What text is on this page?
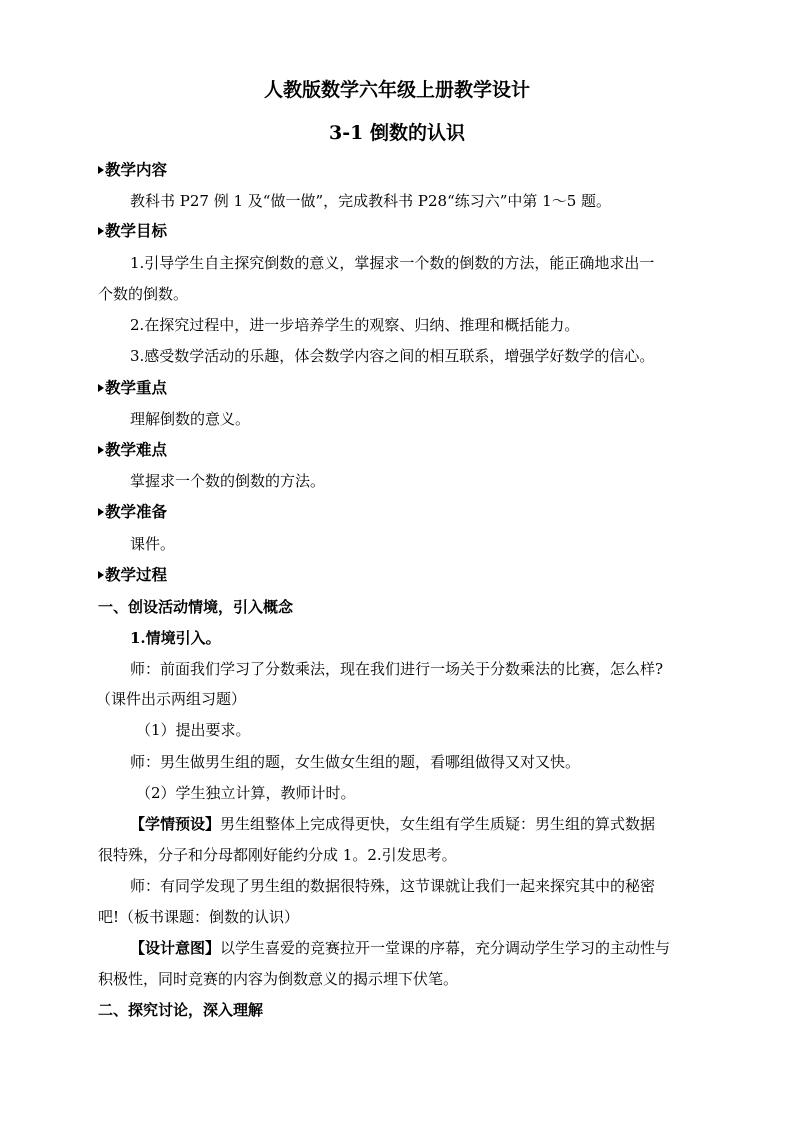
人教版数学六年级上册教学设计
3-1 倒数的认识
教学内容
教科书 P27 例 1 及“做一做”，完成教科书 P28“练习六”中第 1～5 题。
教学目标
1.引导学生自主探究倒数的意义，掌握求一个数的倒数的方法，能正确地求出一
个数的倒数。
2.在探究过程中，进一步培养学生的观察、归纳、推理和概括能力。
3.感受数学活动的乐趣，体会数学内容之间的相互联系，增强学好数学的信心。
教学重点
理解倒数的意义。
教学难点
掌握求一个数的倒数的方法。
教学准备
课件。
教学过程
一、创设活动情境，引入概念
1.情境引入。
师：前面我们学习了分数乘法，现在我们进行一场关于分数乘法的比赛，怎么样?
（课件出示两组习题）
（1）提出要求。
师：男生做男生组的题，女生做女生组的题，看哪组做得又对又快。
（2）学生独立计算，教师计时。
【学情预设】男生组整体上完成得更快，女生组有学生质疑：男生组的算式数据
很特殊，分子和分母都刚好能约分成 1。2.引发思考。
师：有同学发现了男生组的数据很特殊，这节课就让我们一起来探究其中的秘密
吧!（板书课题：倒数的认识）
【设计意图】以学生喜爱的竞赛拉开一堂课的序幕，充分调动学生学习的主动性与
积极性，同时竞赛的内容为倒数意义的揭示埋下伏笔。
二、探究讨论，深入理解
